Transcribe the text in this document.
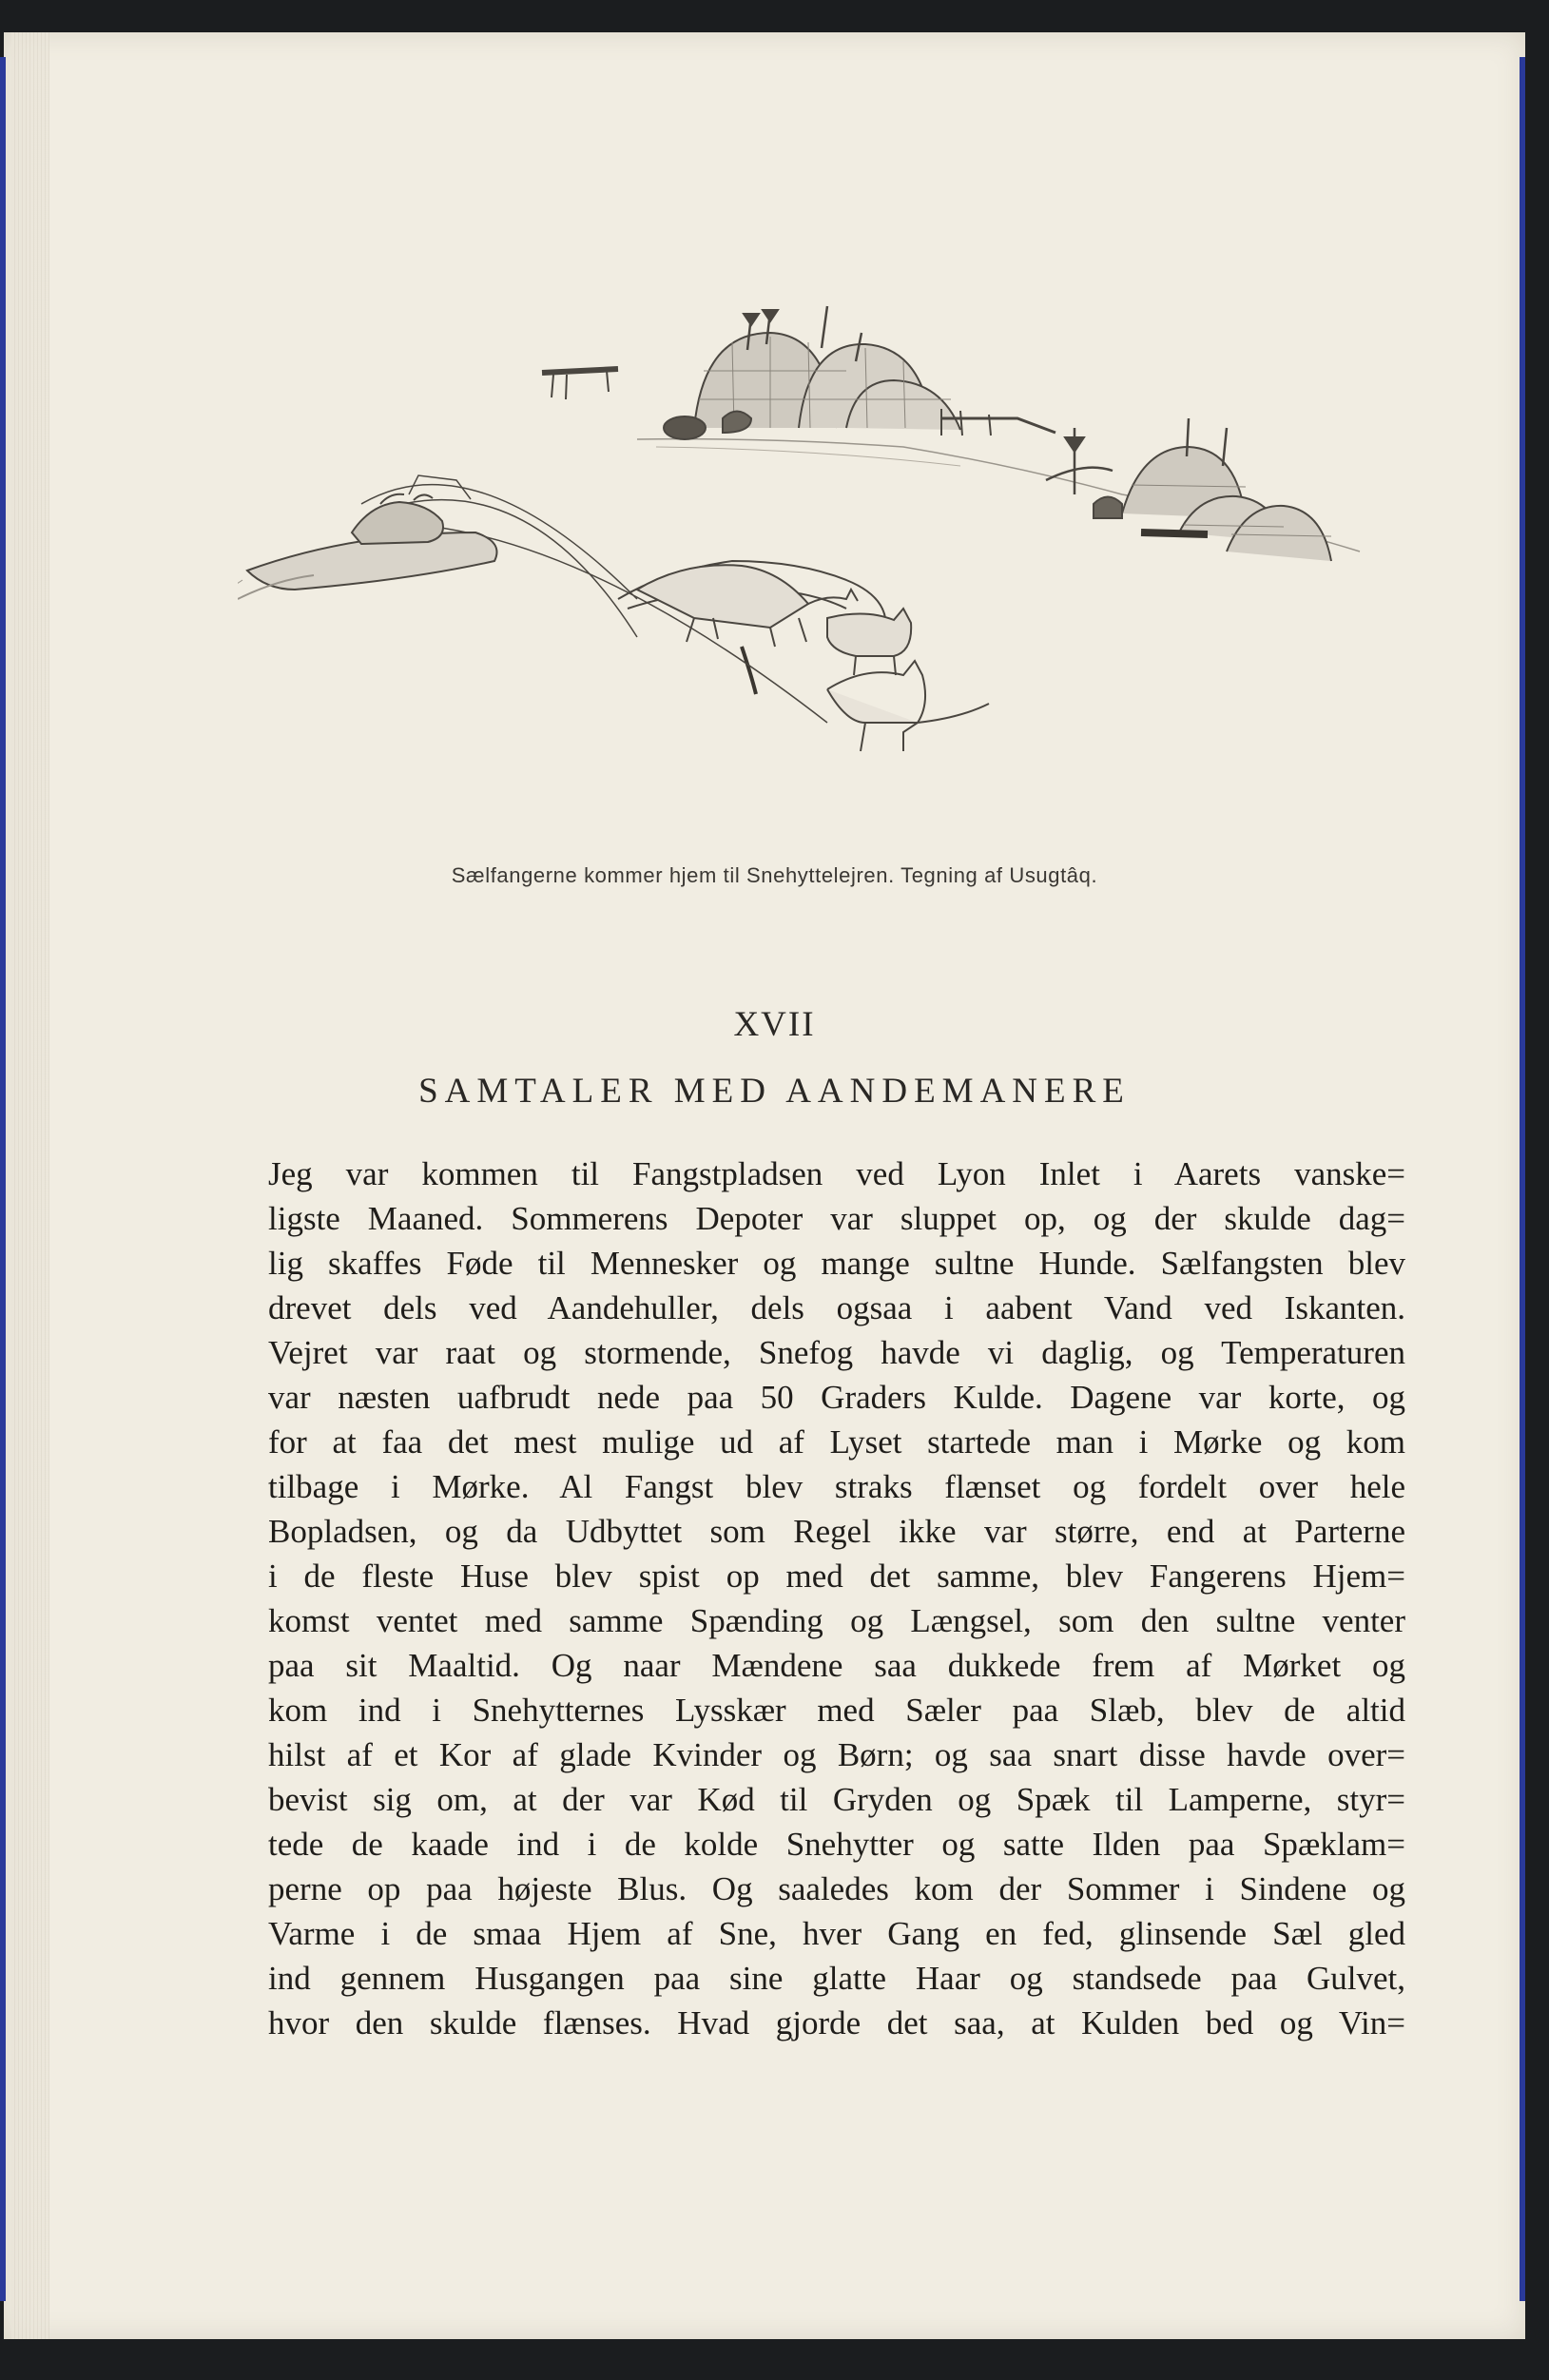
Sælfangerne kommer hjem til Snehyttelejren. Tegning af Usugtâq.
XVII
SAMTALER MED AANDEMANERE
Jeg var kommen til Fangstpladsen ved Lyon Inlet i Aarets vanske=
ligste Maaned. Sommerens Depoter var sluppet op, og der skulde dag=
lig skaffes Føde til Mennesker og mange sultne Hunde. Sælfangsten blev
drevet dels ved Aandehuller, dels ogsaa i aabent Vand ved Iskanten.
Vejret var raat og stormende, Snefog havde vi daglig, og Temperaturen
var næsten uafbrudt nede paa 50 Graders Kulde. Dagene var korte, og
for at faa det mest mulige ud af Lyset startede man i Mørke og kom
tilbage i Mørke. Al Fangst blev straks flænset og fordelt over hele
Bopladsen, og da Udbyttet som Regel ikke var større, end at Parterne
i de fleste Huse blev spist op med det samme, blev Fangerens Hjem=
komst ventet med samme Spænding og Længsel, som den sultne venter
paa sit Maaltid. Og naar Mændene saa dukkede frem af Mørket og
kom ind i Snehytternes Lysskær med Sæler paa Slæb, blev de altid
hilst af et Kor af glade Kvinder og Børn; og saa snart disse havde over=
bevist sig om, at der var Kød til Gryden og Spæk til Lamperne, styr=
tede de kaade ind i de kolde Snehytter og satte Ilden paa Spæklam=
perne op paa højeste Blus. Og saaledes kom der Sommer i Sindene og
Varme i de smaa Hjem af Sne, hver Gang en fed, glinsende Sæl gled
ind gennem Husgangen paa sine glatte Haar og standsede paa Gulvet,
hvor den skulde flænses. Hvad gjorde det saa, at Kulden bed og Vin=
